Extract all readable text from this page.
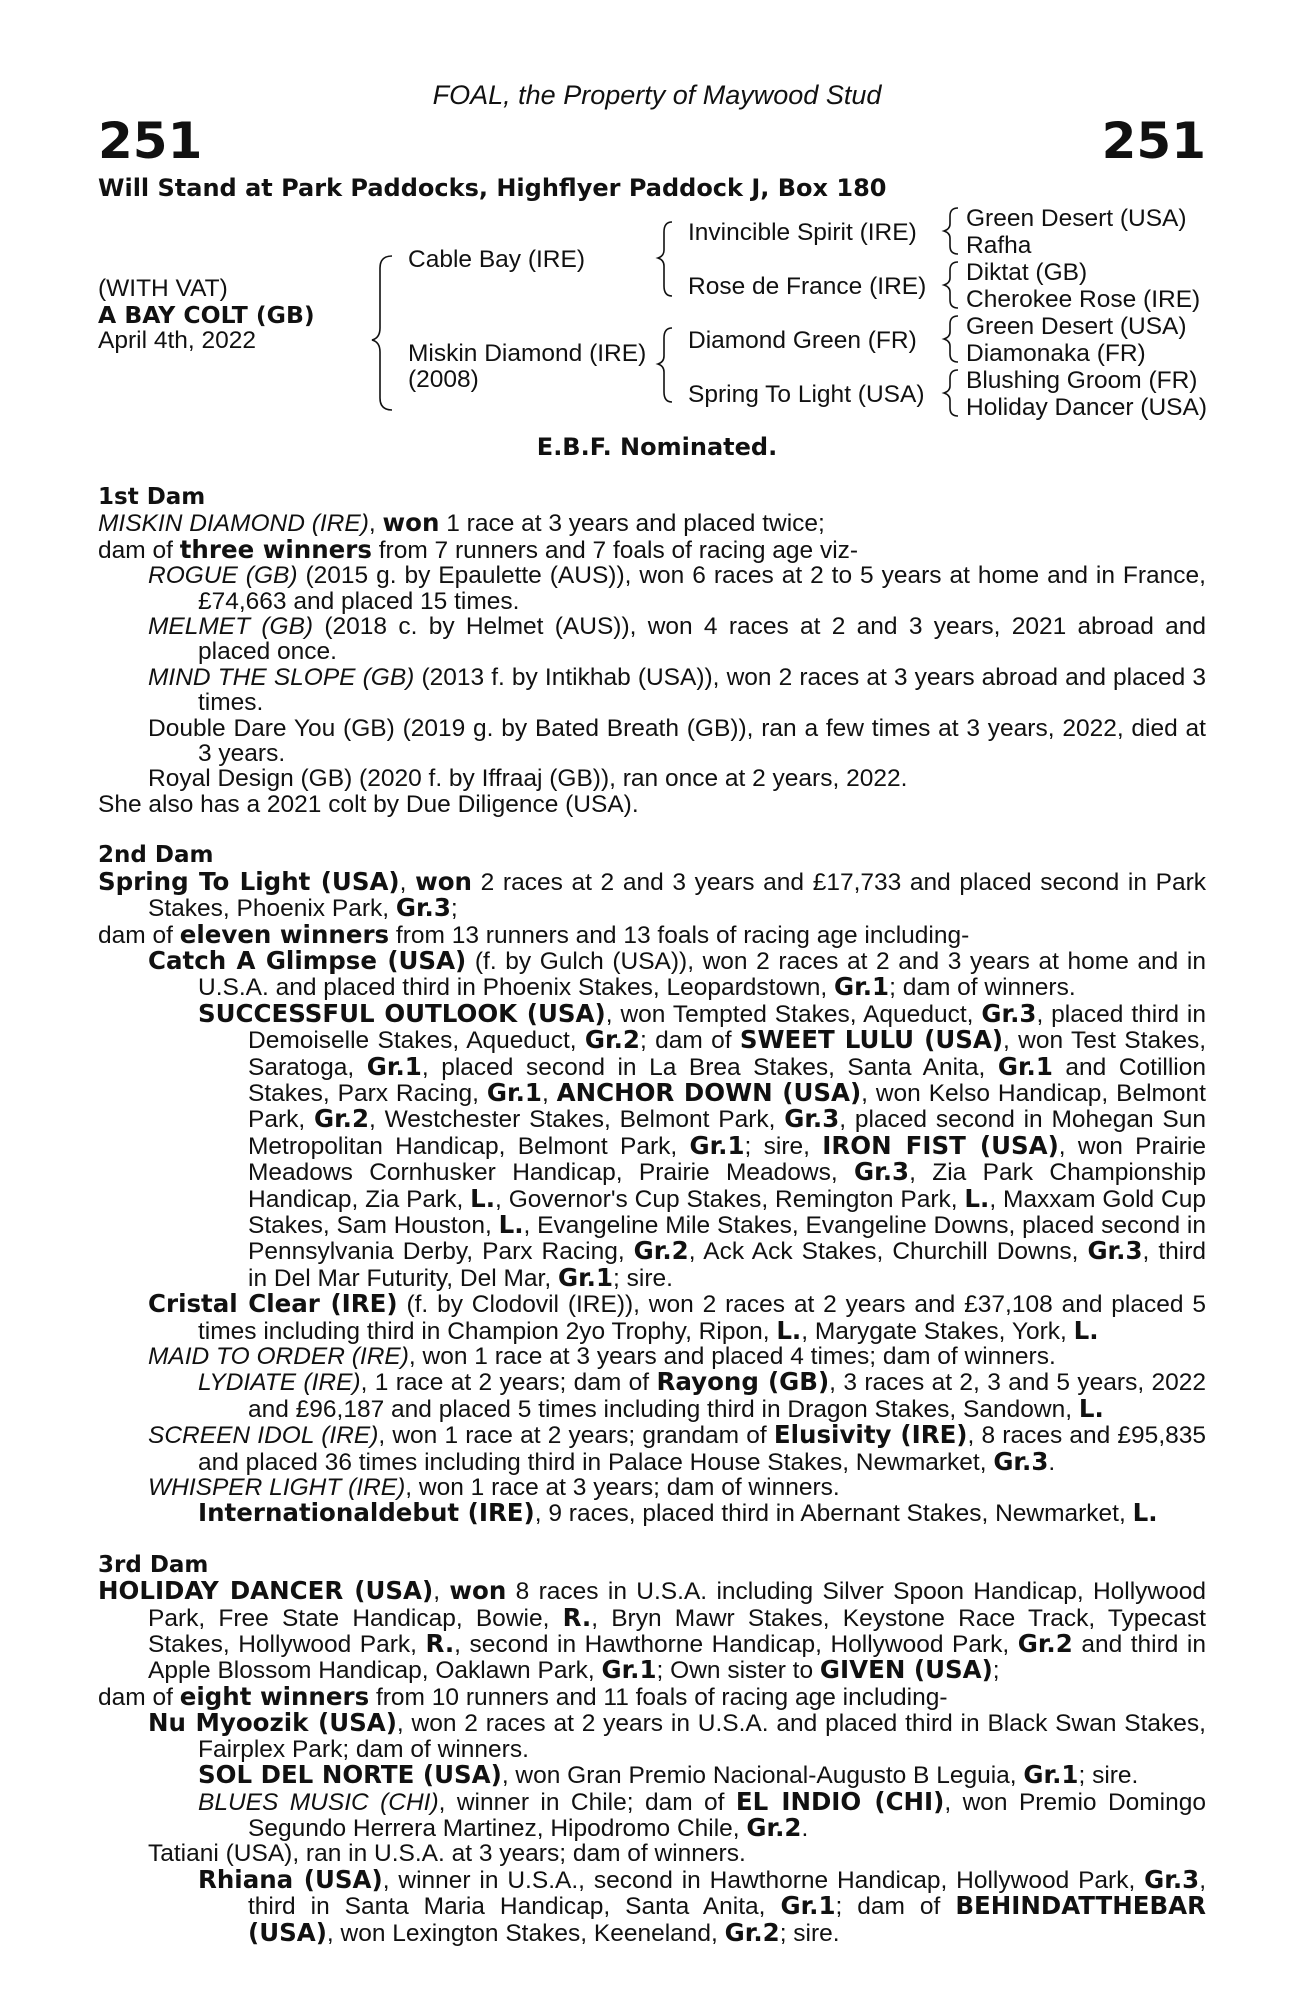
FOAL, the Property of Maywood Stud
251	251
Will Stand at Park Paddocks, Highflyer Paddock J, Box 180
(WITH VAT)
A BAY COLT (GB)
April 4th, 2022
Cable Bay (IRE)
Miskin Diamond (IRE)
(2008)
Invincible Spirit (IRE)
Rose de France (IRE)
Diamond Green (FR)
Spring To Light (USA)
Green Desert (USA)
Rafha
Diktat (GB)
Cherokee Rose (IRE)
Green Desert (USA)
Diamonaka (FR)
Blushing Groom (FR)
Holiday Dancer (USA)
E.B.F. Nominated.
1st Dam

MISKIN DIAMOND (IRE), won 1 race at 3 years and placed twice;

dam of three winners from 7 runners and 7 foals of racing age viz-

ROGUE (GB) (2015 g. by Epaulette (AUS)), won 6 races at 2 to 5 years at home and in France, £74,663 and placed 15 times.

MELMET (GB) (2018 c. by Helmet (AUS)), won 4 races at 2 and 3 years, 2021 abroad and placed once.

MIND THE SLOPE (GB) (2013 f. by Intikhab (USA)), won 2 races at 3 years abroad and placed 3 times.

Double Dare You (GB) (2019 g. by Bated Breath (GB)), ran a few times at 3 years, 2022, died at 3 years.

Royal Design (GB) (2020 f. by Iffraaj (GB)), ran once at 2 years, 2022.

She also has a 2021 colt by Due Diligence (USA).

2nd Dam

Spring To Light (USA), won 2 races at 2 and 3 years and £17,733 and placed second in Park Stakes, Phoenix Park, Gr.3;

dam of eleven winners from 13 runners and 13 foals of racing age including-

Catch A Glimpse (USA) (f. by Gulch (USA)), won 2 races at 2 and 3 years at home and in U.S.A. and placed third in Phoenix Stakes, Leopardstown, Gr.1; dam of winners.

SUCCESSFUL OUTLOOK (USA), won Tempted Stakes, Aqueduct, Gr.3, placed third in Demoiselle Stakes, Aqueduct, Gr.2; dam of SWEET LULU (USA), won Test Stakes, Saratoga, Gr.1, placed second in La Brea Stakes, Santa Anita, Gr.1 and Cotillion Stakes, Parx Racing, Gr.1, ANCHOR DOWN (USA), won Kelso Handicap, Belmont Park, Gr.2, Westchester Stakes, Belmont Park, Gr.3, placed second in Mohegan Sun Metropolitan Handicap, Belmont Park, Gr.1; sire, IRON FIST (USA), won Prairie Meadows Cornhusker Handicap, Prairie Meadows, Gr.3, Zia Park Championship Handicap, Zia Park, L., Governor's Cup Stakes, Remington Park, L., Maxxam Gold Cup Stakes, Sam Houston, L., Evangeline Mile Stakes, Evangeline Downs, placed second in Pennsylvania Derby, Parx Racing, Gr.2, Ack Ack Stakes, Churchill Downs, Gr.3, third in Del Mar Futurity, Del Mar, Gr.1; sire.

Cristal Clear (IRE) (f. by Clodovil (IRE)), won 2 races at 2 years and £37,108 and placed 5 times including third in Champion 2yo Trophy, Ripon, L., Marygate Stakes, York, L.

MAID TO ORDER (IRE), won 1 race at 3 years and placed 4 times; dam of winners.

LYDIATE (IRE), 1 race at 2 years; dam of Rayong (GB), 3 races at 2, 3 and 5 years, 2022 and £96,187 and placed 5 times including third in Dragon Stakes, Sandown, L.

SCREEN IDOL (IRE), won 1 race at 2 years; grandam of Elusivity (IRE), 8 races and £95,835 and placed 36 times including third in Palace House Stakes, Newmarket, Gr.3.

WHISPER LIGHT (IRE), won 1 race at 3 years; dam of winners.

Internationaldebut (IRE), 9 races, placed third in Abernant Stakes, Newmarket, L.

3rd Dam

HOLIDAY DANCER (USA), won 8 races in U.S.A. including Silver Spoon Handicap, Hollywood Park, Free State Handicap, Bowie, R., Bryn Mawr Stakes, Keystone Race Track, Typecast Stakes, Hollywood Park, R., second in Hawthorne Handicap, Hollywood Park, Gr.2 and third in Apple Blossom Handicap, Oaklawn Park, Gr.1; Own sister to GIVEN (USA);

dam of eight winners from 10 runners and 11 foals of racing age including-

Nu Myoozik (USA), won 2 races at 2 years in U.S.A. and placed third in Black Swan Stakes, Fairplex Park; dam of winners.

SOL DEL NORTE (USA), won Gran Premio Nacional-Augusto B Leguia, Gr.1; sire.

BLUES MUSIC (CHI), winner in Chile; dam of EL INDIO (CHI), won Premio Domingo Segundo Herrera Martinez, Hipodromo Chile, Gr.2.

Tatiani (USA), ran in U.S.A. at 3 years; dam of winners.

Rhiana (USA), winner in U.S.A., second in Hawthorne Handicap, Hollywood Park, Gr.3, third in Santa Maria Handicap, Santa Anita, Gr.1; dam of BEHINDATTHEBAR (USA), won Lexington Stakes, Keeneland, Gr.2; sire.
